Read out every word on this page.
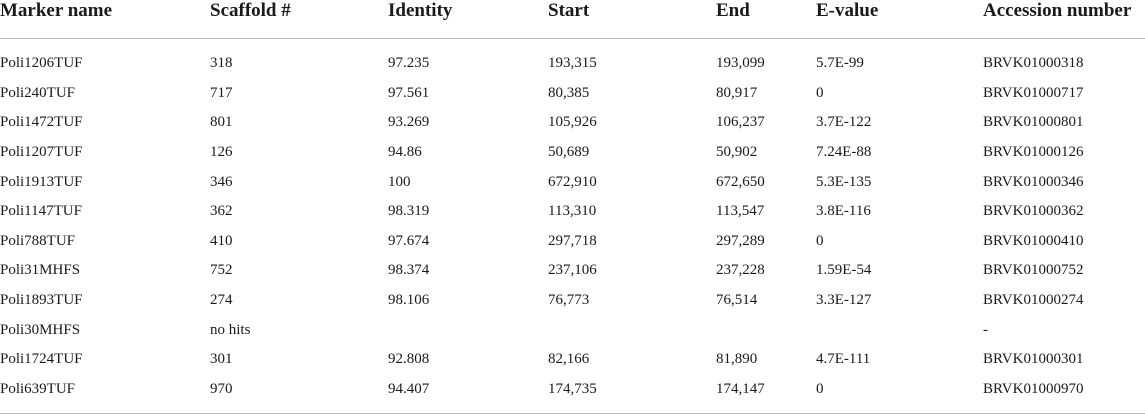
Marker name	Scaffold #	Identity	Start	End	E-value	Accession number

Poli1206TUF	318	97.235	193,315	193,099	5.7E-99	BRVK01000318
Poli240TUF	717	97.561	80,385	80,917	0	BRVK01000717
Poli1472TUF	801	93.269	105,926	106,237	3.7E-122	BRVK01000801
Poli1207TUF	126	94.86	50,689	50,902	7.24E-88	BRVK01000126
Poli1913TUF	346	100	672,910	672,650	5.3E-135	BRVK01000346
Poli1147TUF	362	98.319	113,310	113,547	3.8E-116	BRVK01000362
Poli788TUF	410	97.674	297,718	297,289	0	BRVK01000410
Poli31MHFS	752	98.374	237,106	237,228	1.59E-54	BRVK01000752
Poli1893TUF	274	98.106	76,773	76,514	3.3E-127	BRVK01000274
Poli30MHFS	no hits					-
Poli1724TUF	301	92.808	82,166	81,890	4.7E-111	BRVK01000301
Poli639TUF	970	94.407	174,735	174,147	0	BRVK01000970
